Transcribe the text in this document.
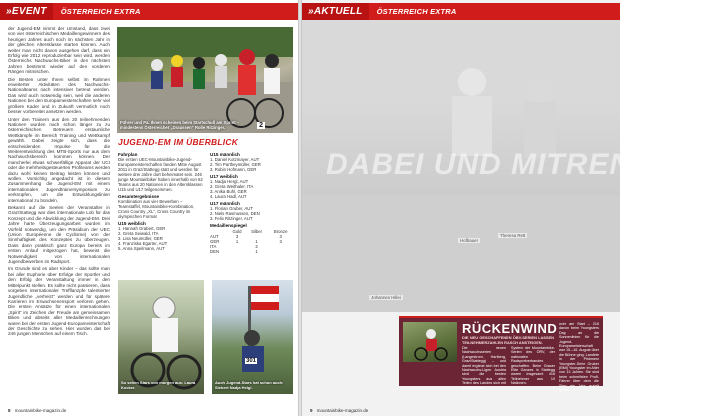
»EVENT	ÖSTERREICH EXTRA

der Jugend-EM nimmt der Umstand, dass zwei von vier österreichischen Medaillengewinnern des heurigen Jahres auch noch im nächsten Jahr in der gleichen Altersklasse starten können. Auch weiter man nicht davon ausgehen darf, dass ein Erfolg wie 2012 reproduzierbar sein wird, werden Österreichs Nachwuchs-Biker in den nächsten Jahren bestimmt wieder auf den vorderen Rängen mitmischen.

Die Besten unter Ihnen selbst im Rahmen erweiterter Aktivitäten des Nachwuchs-Nationalteams nach intensiver betreut werden. Das wird auch notwendig sein, weil die anderen Nationen bei den Europameisterschaften sehr viel größere Kader und in Zukunft vermutlich noch besser vorbereitet ansetzen werden.

Unter den Trainern aus den 20 teilnehmenden Nationen wurden nach schon länger zu zu österreichischen Betreuern erstaunliche Wettkämpfe im Bereich Training und Wettkampf gewählt. Dabei zeigte sich, dass die entscheidenden Impulse für die Weiterentwicklung des MTB-Sports nur aus dem Nachwuchsbereich kommen können. Der mancherlei etwas schwerfällige Apparat der UCI oder die mehrheitsgesteuerten Profiteams werden dazu wohl keinen Beitrag leisten können und wollen. Vorsichtig angedacht ist in diesem Zusammenhang die Jugend-EM mit einem internationalen Jugendtrainersymposium zu verknüpfen, um die Entwicklungslinien international zu bündeln.

Bekannt auf die Seelen der Veranstalter in Graz/Stattegg war dies internationale Lob für das Konzept und die Abwicklung der Jugend-EM. Drei Jahre harte Überzeugungsarbeit wurden im Vorfeld notwendig, um den Präsidium der UEC (Union Européenne de Cyclisme) von der Sinnhaftigkeit des Konzeptes zu überzeugen. Dass dann praktisch ganz Europa bereits im ersten Anlauf mitgezogen hat, beweist die Notwendigkeit von internationalen Jugendbewerben im Radsport.

Im Grunde sind es aber Kinder – das sollte man bei aller Euphorie über Erfolge der Sportler und den Erfolg der Veranstaltung immer in den Mittelpunkt stellen. Es sollte nicht passieren, dass vorgeben internationaler Trefflanzpfe talentierter Jugendliche „verheizt“ werden und für spätere Karrieren im Erwachsenensport verloren gehen. Die ersten Ansätze für einen internationalen „Spirit“ im Zeichen der Freude am gemeinsamen Biken und abseits aller Medaillenrechnungen waren bei der ersten Jugend-Europameisterschaft der Geschichte zu sehen. Hier wurden das bei 246 jungen Menschen auf einem Tisch.

2
Führer und Pa. Ihnen scheinen beim Startschuß am Sprint – mindestens Österreicher „Draussen“ Rolle Ritzinger.
JUGEND-EM IM ÜBERBLICK
Fahrplan
Die ersten UEC-Mountainbike-Jugend-Europameisterschaften fanden Mitte August 2011 in Graz/Stattegg statt und werden für weitere drei Jahre dort beheimatet sein. 246 junge Mountainbiker haben innerhalb von 62 Teams aus 20 Nationen in den Altersklassen U15 und U17 teilgenommen.
Gesamtergebnisse
Kombination aus vier Bewerben – Teamstaffel, Mountainbike-Kombination, Cross Country „XL“, Cross Country im olympischen Format
U15 weiblich
1. Hannah Grabert, GER
2. Greta Seiwald, ITA
3. Lisa Neumüller, GER
4. Franziska Egarter, AUT
5. Anna Speilmann, AUT
U15 männlich
1. Daniel Kotzmayer, AUT
2. Tim Partheymüller, GER
3. Robin Hofmann, GER
U17 weiblich
1. Nadja Hergl, AUT
2. Greta Weithaler, ITA
3. Anika Buhl, GER
4. Laura Hadl, AUT
U17 männlich
1. Florian Gruber, AUT
2. Niels Rasmussen, DEN
3. Felix Ritzinger, AUT
Medaillenspiegel
	Gold	Silber	Bronze
AUT	3		3
GER	1	1	3
ITA		2	
DEN		1	
So sehen Stars von morgen aus: Laura Kocker.
301
Auch Jugend-Stars hat schon auch: Siebert Nadja Helgl.
8 mountainbike-magazin.de
DABEI UND MITRENDINN
»AKTUELL	ÖSTERREICH EXTRA
Hofbauer
Theresa Rett
Johannes Hillei
RÜCKENWIND
DIE NEU GESCHAFFENEN ÖBV-SERIEN LASSEN TEILNEHMERZAHLEN RASCH ANSTEIGEN.
Die neuen Nachwuchsserien (Langestrom, Hartberg, Graz/Stattegg) – und damit ergänzt sich bei den Nachwuchs-Ligen Austria sind die besten Youngsters aus allen Teilen des Landes sich mit ihren messen.
System der Mountainbike-Serien des ÖRV, der nationalen Radsportverbandes geschaffen. Beim Graser Elite Ganzes in Stattegg waren insgesamt 416 Teilnehmer aus 10 Nationen.
over am Start – 216 davon beim Youngsters Day, an die Sonnenlinien für die Jugend-Europameisterschaft war 15.–16. August über die Bühne ging. Landete in der Pinkmerz Youngster-Serie Gruber (BMI) Youngster im Alter von 13 Jahren. Sie sind beim schnellsten Profi-Fahrer über dem die Sieg ein Jahr erzielt wurde.
9 mountainbike-magazin.de
